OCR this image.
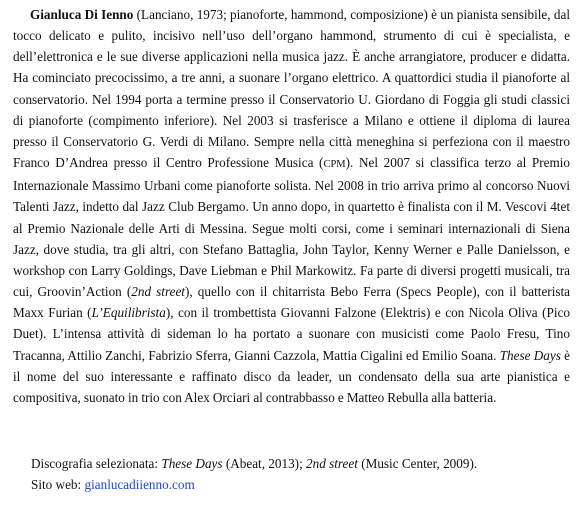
Gianluca Di Ienno (Lanciano, 1973; pianoforte, hammond, composizione) è un pianista sensibile, dal tocco delicato e pulito, incisivo nell’uso dell’organo hammond, strumento di cui è specialista, e dell’elettronica e le sue diverse applicazioni nella musica jazz. È anche arrangiatore, producer e didatta. Ha cominciato precocissimo, a tre anni, a suonare l’organo elettrico. A quattordici studia il pianoforte al conservatorio. Nel 1994 porta a termine presso il Conservatorio U. Giordano di Foggia gli studi classici di pianoforte (compimento inferiore). Nel 2003 si trasferisce a Milano e ottiene il diploma di laurea presso il Conservatorio G. Verdi di Milano. Sempre nella città meneghina si perfeziona con il maestro Franco D’Andrea presso il Centro Professione Musica (CPM). Nel 2007 si classifica terzo al Premio Internazionale Massimo Urbani come pianoforte solista. Nel 2008 in trio arriva primo al concorso Nuovi Talenti Jazz, indetto dal Jazz Club Bergamo. Un anno dopo, in quartetto è finalista con il M. Vescovi 4tet al Premio Nazionale delle Arti di Messina. Segue molti corsi, come i seminari internazionali di Siena Jazz, dove studia, tra gli altri, con Stefano Battaglia, John Taylor, Kenny Werner e Palle Danielsson, e workshop con Larry Goldings, Dave Liebman e Phil Markowitz. Fa parte di diversi progetti musicali, tra cui, Groovin’Action (2nd street), quello con il chitarrista Bebo Ferra (Specs People), con il batterista Maxx Furian (L’Equilibrista), con il trombettista Giovanni Falzone (Elektris) e con Nicola Oliva (Pico Duet). L’intensa attività di sideman lo ha portato a suonare con musicisti come Paolo Fresu, Tino Tracanna, Attilio Zanchi, Fabrizio Sferra, Gianni Cazzola, Mattia Cigalini ed Emilio Soana. These Days è il nome del suo interessante e raffinato disco da leader, un condensato della sua arte pianistica e compositiva, suonato in trio con Alex Orciari al contrabbasso e Matteo Rebulla alla batteria.

Discografia selezionata: These Days (Abeat, 2013); 2nd street (Music Center, 2009).

Sito web: gianlucadiienno.com
